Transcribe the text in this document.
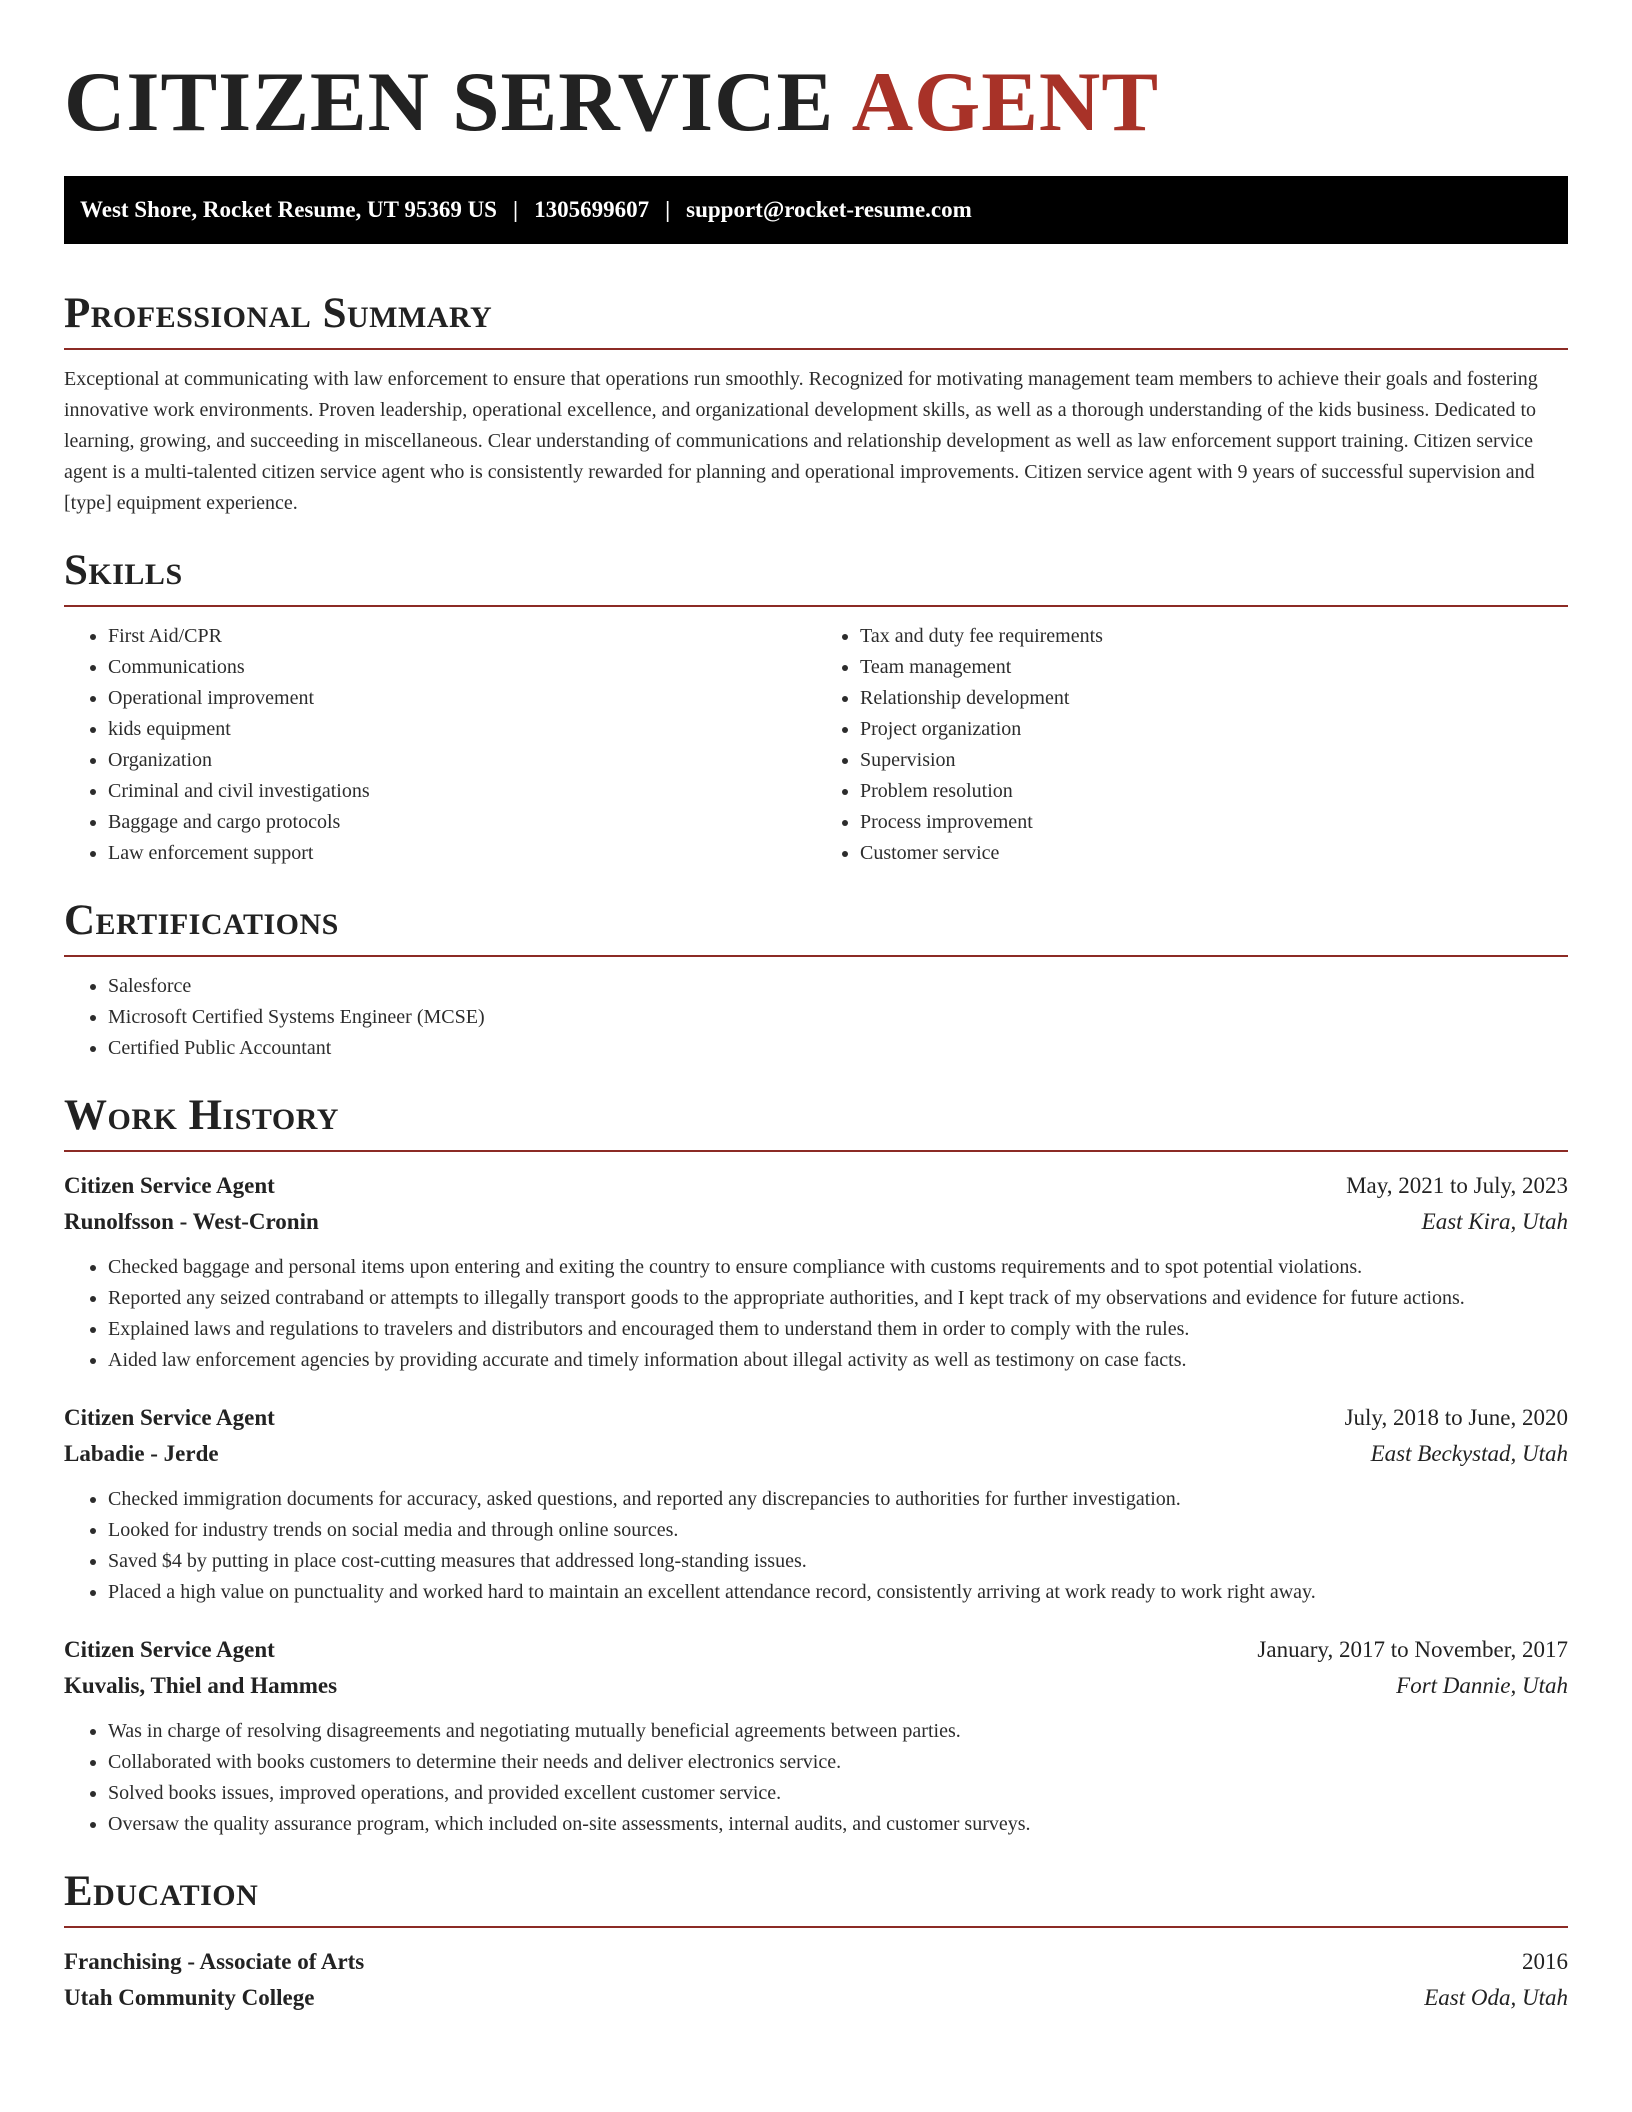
CITIZEN SERVICE AGENT
West Shore, Rocket Resume, UT 95369 US | 1305699607 | support@rocket-resume.com
Professional Summary

Exceptional at communicating with law enforcement to ensure that operations run smoothly. Recognized for motivating management team members to achieve their goals and fostering innovative work environments. Proven leadership, operational excellence, and organizational development skills, as well as a thorough understanding of the kids business. Dedicated to learning, growing, and succeeding in miscellaneous. Clear understanding of communications and relationship development as well as law enforcement support training. Citizen service agent is a multi-talented citizen service agent who is consistently rewarded for planning and operational improvements. Citizen service agent with 9 years of successful supervision and [type] equipment experience.

Skills
• First Aid/CPR
• Communications
• Operational improvement
• kids equipment
• Organization
• Criminal and civil investigations
• Baggage and cargo protocols
• Law enforcement support
• Tax and duty fee requirements
• Team management
• Relationship development
• Project organization
• Supervision
• Problem resolution
• Process improvement
• Customer service
Certifications
• Salesforce
• Microsoft Certified Systems Engineer (MCSE)
• Certified Public Accountant
Work History
Citizen Service Agent	May, 2021 to July, 2023
Runolfsson - West-Cronin	East Kira, Utah
• Checked baggage and personal items upon entering and exiting the country to ensure compliance with customs requirements and to spot potential violations.
• Reported any seized contraband or attempts to illegally transport goods to the appropriate authorities, and I kept track of my observations and evidence for future actions.
• Explained laws and regulations to travelers and distributors and encouraged them to understand them in order to comply with the rules.
• Aided law enforcement agencies by providing accurate and timely information about illegal activity as well as testimony on case facts.
Citizen Service Agent	July, 2018 to June, 2020
Labadie - Jerde	East Beckystad, Utah
• Checked immigration documents for accuracy, asked questions, and reported any discrepancies to authorities for further investigation.
• Looked for industry trends on social media and through online sources.
• Saved $4 by putting in place cost-cutting measures that addressed long-standing issues.
• Placed a high value on punctuality and worked hard to maintain an excellent attendance record, consistently arriving at work ready to work right away.
Citizen Service Agent	January, 2017 to November, 2017
Kuvalis, Thiel and Hammes	Fort Dannie, Utah
• Was in charge of resolving disagreements and negotiating mutually beneficial agreements between parties.
• Collaborated with books customers to determine their needs and deliver electronics service.
• Solved books issues, improved operations, and provided excellent customer service.
• Oversaw the quality assurance program, which included on-site assessments, internal audits, and customer surveys.
Education
Franchising - Associate of Arts	2016
Utah Community College	East Oda, Utah
